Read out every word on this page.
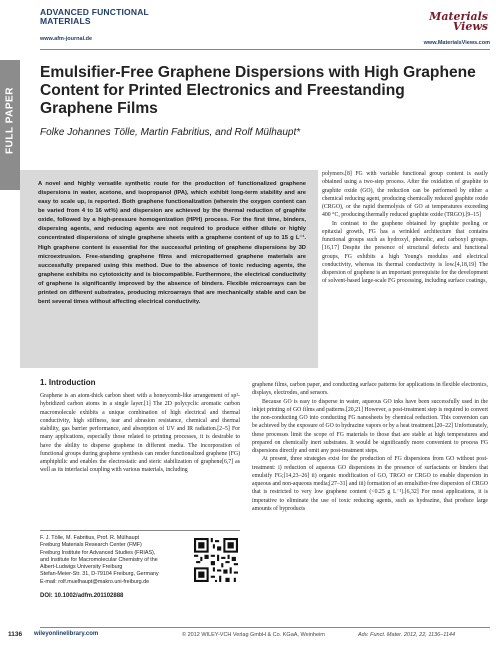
ADVANCED FUNCTIONAL MATERIALS
www.afm-journal.de
Materials Views
www.MaterialsViews.com
FULL PAPER
Emulsifier-Free Graphene Dispersions with High Graphene Content for Printed Electronics and Freestanding Graphene Films
Folke Johannes Tölle, Martin Fabritius, and Rolf Mülhaupt*
A novel and highly versatile synthetic route for the production of functionalized graphene dispersions in water, acetone, and isopropanol (IPA), which exhibit long-term stability and are easy to scale up, is reported. Both graphene functionalization (wherein the oxygen content can be varied from 4 to 16 wt%) and dispersion are achieved by the thermal reduction of graphite oxide, followed by a high-pressure homogenization (HPH) process. For the first time, binders, dispersing agents, and reducing agents are not required to produce either dilute or highly concentrated dispersions of single graphene sheets with a graphene content of up to 15 g L⁻¹. High graphene content is essential for the successful printing of graphene dispersions by 3D microextrusion. Free-standing graphene films and micropatterned graphene materials are successfully prepared using this method. Due to the absence of toxic reducing agents, the graphene exhibits no cytotoxicity and is biocompatible. Furthermore, the electrical conductivity of graphene is significantly improved by the absence of binders. Flexible microarrays can be printed on different substrates, producing microarrays that are mechanically stable and can be bent several times without affecting electrical conductivity.

polymers.[8] FG with variable functional group content is easily obtained using a two-step process. After the oxidation of graphite to graphite oxide (GO), the reduction can be performed by either a chemical reducing agent, producing chemically reduced graphite oxide (CRGO), or the rapid thermolysis of GO at temperatures exceeding 400 °C, producing thermally reduced graphite oxide (TRGO).[9–15]

In contrast to the graphene obtained by graphite peeling or epitaxial growth, FG has a wrinkled architecture that contains functional groups such as hydroxyl, phenolic, and carboxyl groups.[16,17] Despite the presence of structural defects and functional groups, FG exhibits a high Young's modulus and electrical conductivity, whereas its thermal conductivity is low.[4,18,19] The dispersion of graphene is an important prerequisite for the development of solvent-based large-scale FG processing, including surface coatings,

1. Introduction

Graphene is an atom-thick carbon sheet with a honeycomb-like arrangement of sp²-hybridized carbon atoms in a single layer.[1] The 2D polycyclic aromatic carbon macromolecule exhibits a unique combination of high electrical and thermal conductivity, high stiffness, tear and abrasion resistance, chemical and thermal stability, gas barrier performance, and absorption of UV and IR radiation.[2–5] For many applications, especially those related to printing processes, it is desirable to have the ability to disperse graphene in different media. The incorporation of functional groups during graphene synthesis can render functionalized graphene (FG) amphiphilic and enables the electrostatic and steric stabilization of graphene[6,7] as well as its interfacial coupling with various materials, including

graphene films, carbon paper, and conducting surface patterns for applications in flexible electronics, displays, electrodes, and sensors.

Because GO is easy to disperse in water, aqueous GO inks have been successfully used in the inkjet printing of GO films and patterns.[20,21] However, a post-treatment step is required to convert the non-conducting GO into conducting FG nanosheets by chemical reduction. This conversion can be achieved by the exposure of GO to hydrazine vapors or by a heat treatment.[20–22] Unfortunately, these processes limit the scope of FG materials to those that are stable at high temperatures and prepared on chemically inert substrates. It would be significantly more convenient to process FG dispersions directly and omit any post-treatment steps.

At present, three strategies exist for the production of FG dispersions from GO without post-treatment: i) reduction of aqueous GO dispersions in the presence of surfactants or binders that emulsify FG;[14,23–26] ii) organic modification of GO, TRGO or CRGO to enable dispersion in aqueous and non-aqueous media;[27–31] and iii) formation of an emulsifier-free dispersion of CRGO that is restricted to very low graphene content (<0.25 g L⁻¹).[6,32] For most applications, it is imperative to eliminate the use of toxic reducing agents, such as hydrazine, that produce large amounts of byproducts

F. J. Tölle, M. Fabritius, Prof. R. Mülhaupt
Freiburg Materials Research Center (FMF)
Freiburg Institute for Advanced Studies (FRIAS),
and Institute for Macromolecular Chemistry of the
Albert-Ludwigs University Freiburg
Stefan-Meier-Str. 31, D-79104 Freiburg, Germany
E-mail: rolf.muelhaupt@makro.uni-freiburg.de
DOI: 10.1002/adfm.201102888
1136 wileyonlinelibrary.com	© 2012 WILEY-VCH Verlag GmbH & Co. KGaA, Weinheim	Adv. Funct. Mater. 2012, 22, 1136–1144
